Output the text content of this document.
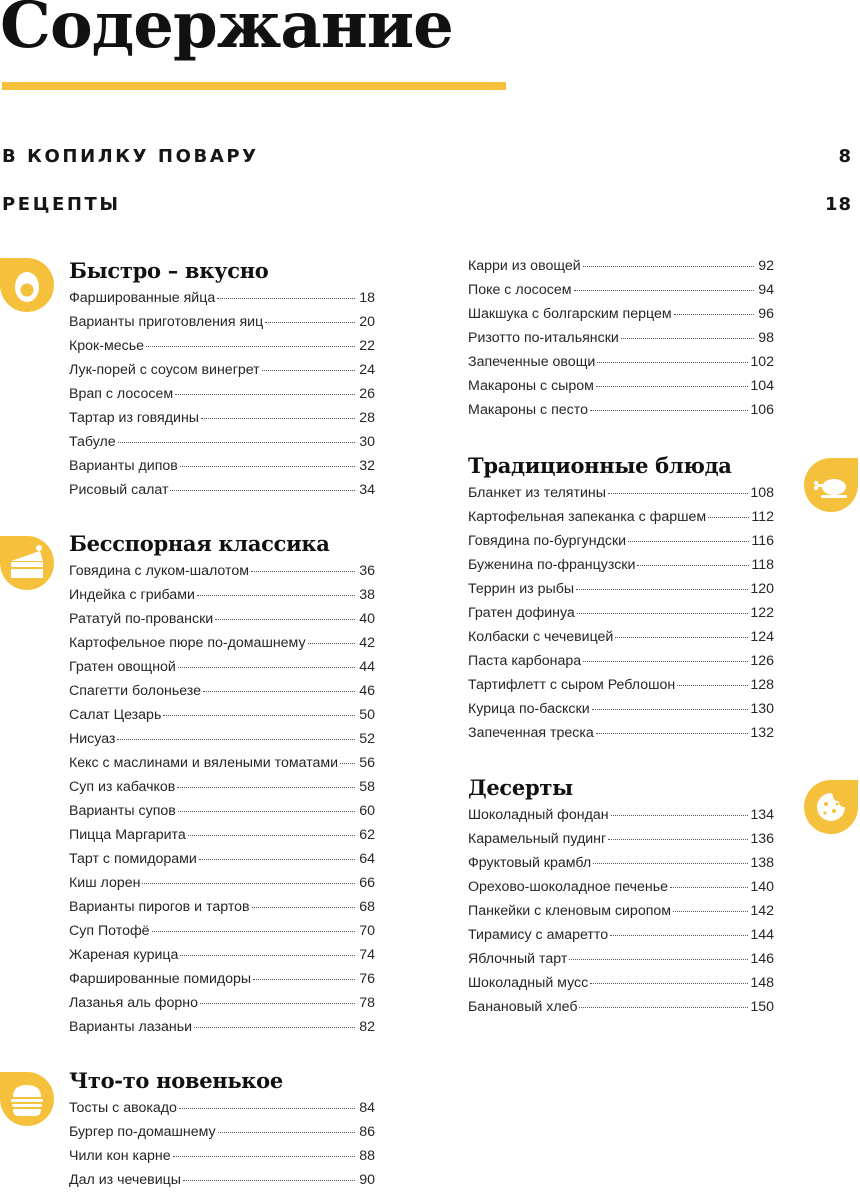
Содержание
В КОПИЛКУ ПОВАРУ	8
РЕЦЕПТЫ	18
Быстро – вкусно
Фаршированные яйца	18
Варианты приготовления яиц	20
Крок-месье	22
Лук-порей с соусом винегрет	24
Врап с лососем	26
Тартар из говядины	28
Табуле	30
Варианты дипов	32
Рисовый салат	34
Бесспорная классика
Говядина с луком-шалотом	36
Индейка с грибами	38
Рататуй по-провански	40
Картофельное пюре по-домашнему	42
Гратен овощной	44
Спагетти болоньезе	46
Салат Цезарь	50
Нисуаз	52
Кекс с маслинами и вялеными томатами 56
Суп из кабачков	58
Варианты супов	60
Пицца Маргарита	62
Тарт с помидорами	64
Киш лорен	66
Варианты пирогов и тартов	68
Суп Потофё	70
Жареная курица	74
Фаршированные помидоры	76
Лазанья аль форно	78
Варианты лазаньи	82
Что-то новенькое
Тосты с авокадо	84
Бургер по-домашнему	86
Чили кон карне	88
Дал из чечевицы	90
Карри из овощей	92
Поке с лососем	94
Шакшука с болгарским перцем	96
Ризотто по-итальянски	98
Запеченные овощи	102
Макароны с сыром	104
Макароны с песто	106
Традиционные блюда
Бланкет из телятины	108
Картофельная запеканка с фаршем	112
Говядина по-бургундски	116
Буженина по-французски	118
Террин из рыбы	120
Гратен дофинуа	122
Колбаски с чечевицей	124
Паста карбонара	126
Тартифлетт с сыром Реблошон	128
Курица по-баскски	130
Запеченная треска	132
Десерты
Шоколадный фондан	134
Карамельный пудинг	136
Фруктовый крамбл	138
Орехово-шоколадное печенье	140
Панкейки с кленовым сиропом	142
Тирамису с амаретто	144
Яблочный тарт	146
Шоколадный мусс	148
Банановый хлеб	150
